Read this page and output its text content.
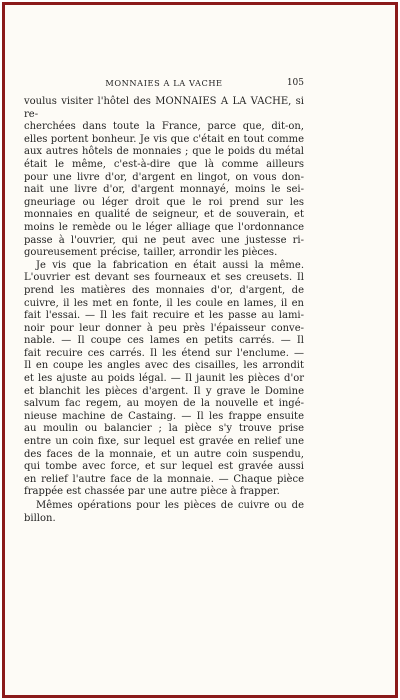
MONNAIES A LA VACHE	105

voulus visiter l'hôtel des MONNAIES A LA VACHE, si re-

cherchées dans toute la France, parce que, dit-on,

elles portent bonheur. Je vis que c'était en tout comme

aux autres hôtels de monnaies ; que le poids du métal

était le même, c'est-à-dire que là comme ailleurs

pour une livre d'or, d'argent en lingot, on vous don-

nait une livre d'or, d'argent monnayé, moins le sei-

gneuriage ou léger droit que le roi prend sur les

monnaies en qualité de seigneur, et de souverain, et

moins le remède ou le léger alliage que l'ordonnance

passe à l'ouvrier, qui ne peut avec une justesse ri-

goureusement précise, tailler, arrondir les pièces.

Je vis que la fabrication en était aussi la même.

L'ouvrier est devant ses fourneaux et ses creusets. Il

prend les matières des monnaies d'or, d'argent, de

cuivre, il les met en fonte, il les coule en lames, il en

fait l'essai. — Il les fait recuire et les passe au lami-

noir pour leur donner à peu près l'épaisseur conve-

nable. — Il coupe ces lames en petits carrés. — Il

fait recuire ces carrés. Il les étend sur l'enclume. —

Il en coupe les angles avec des cisailles, les arrondit

et les ajuste au poids légal. — Il jaunit les pièces d'or

et blanchit les pièces d'argent. Il y grave le Domine

salvum fac regem, au moyen de la nouvelle et ingé-

nieuse machine de Castaing. — Il les frappe ensuite

au moulin ou balancier ; la pièce s'y trouve prise

entre un coin fixe, sur lequel est gravée en relief une

des faces de la monnaie, et un autre coin suspendu,

qui tombe avec force, et sur lequel est gravée aussi

en relief l'autre face de la monnaie. — Chaque pièce

frappée est chassée par une autre pièce à frapper.

Mêmes opérations pour les pièces de cuivre ou de

billon.
